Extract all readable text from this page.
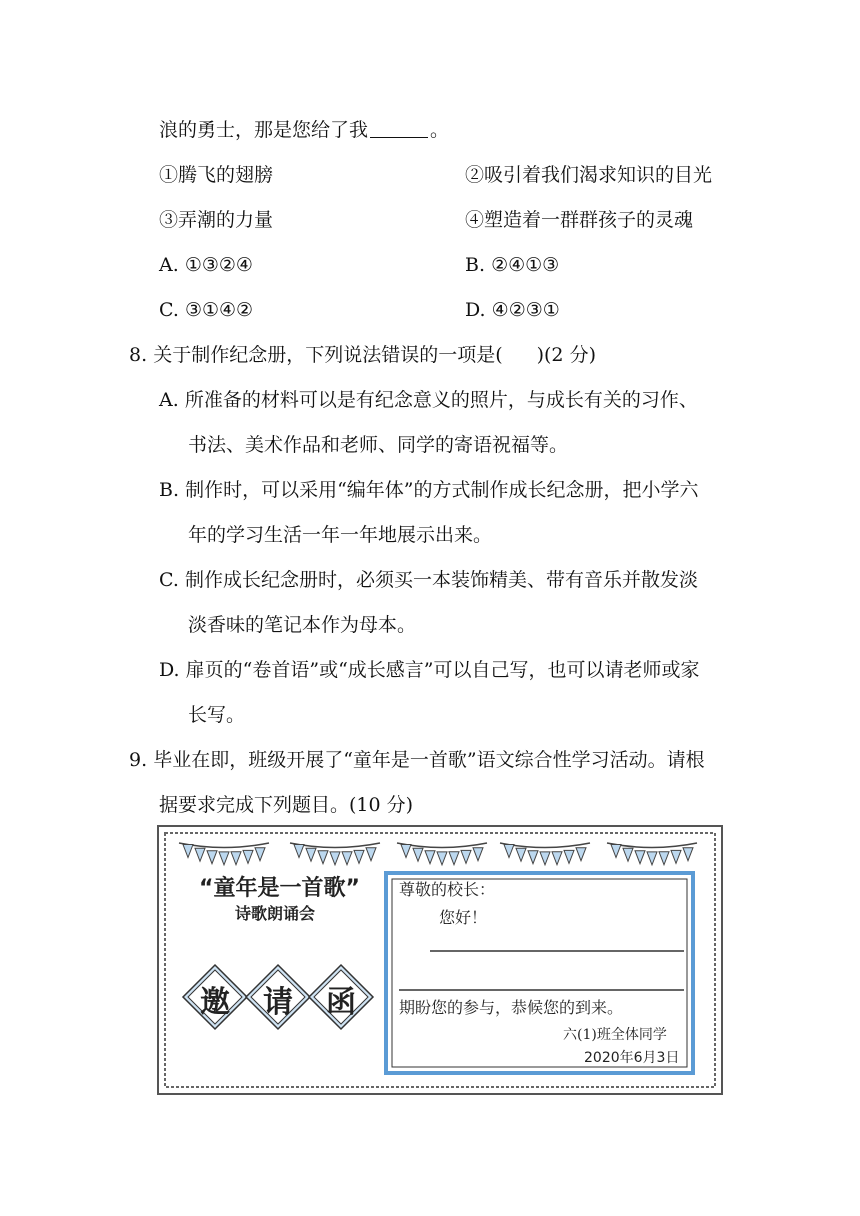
浪的勇士，那是您给了我	。
①腾飞的翅膀	②吸引着我们渴求知识的目光
③弄潮的力量	④塑造着一群群孩子的灵魂
A. ①③②④	B. ②④①③
C. ③①④②	D. ④②③①
8. 关于制作纪念册，下列说法错误的一项是( )(2 分)
A. 所准备的材料可以是有纪念意义的照片，与成长有关的习作、
书法、美术作品和老师、同学的寄语祝福等。
B. 制作时，可以采用“编年体”的方式制作成长纪念册，把小学六
年的学习生活一年一年地展示出来。
C. 制作成长纪念册时，必须买一本装饰精美、带有音乐并散发淡
淡香味的笔记本作为母本。
D. 扉页的“卷首语”或“成长感言”可以自己写，也可以请老师或家
长写。
9. 毕业在即，班级开展了“童年是一首歌”语文综合性学习活动。请根
据要求完成下列题目。(10 分)
“童年是一首歌”
诗歌朗诵会
邀	请	函
尊敬的校长：
您好！
期盼您的参与，恭候您的到来。
六(1)班全体同学
2020年6月3日
